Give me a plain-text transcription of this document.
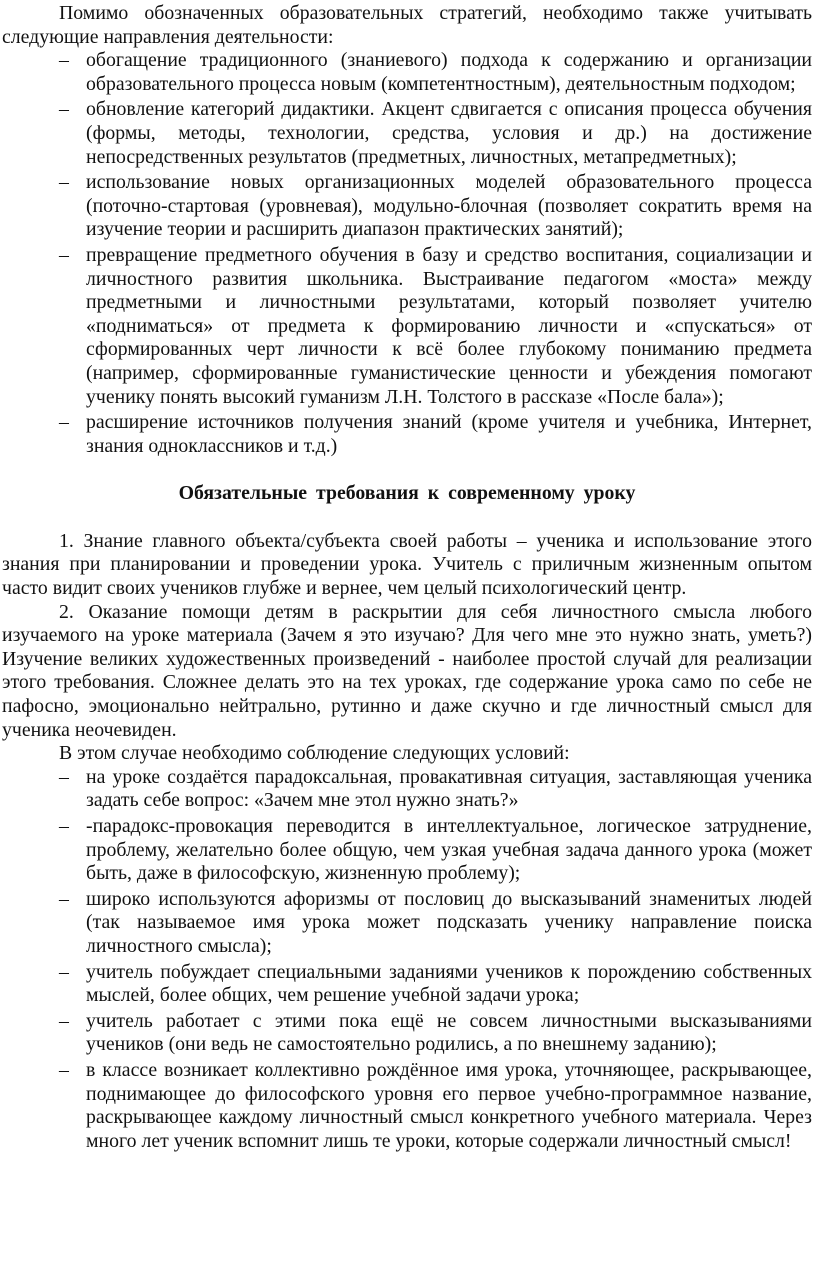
Помимо обозначенных образовательных стратегий, необходимо также учитывать следующие направления деятельности:

– обогащение традиционного (знаниевого) подхода к содержанию и организации образовательного процесса новым (компетентностным), деятельностным подходом;
– обновление категорий дидактики. Акцент сдвигается с описания процесса обучения (формы, методы, технологии, средства, условия и др.) на достижение непосредственных результатов (предметных, личностных, метапредметных);
– использование новых организационных моделей образовательного процесса (поточно-стартовая (уровневая), модульно-блочная (позволяет сократить время на изучение теории и расширить диапазон практических занятий);
– превращение предметного обучения в базу и средство воспитания, социализации и личностного развития школьника. Выстраивание педагогом «моста» между предметными и личностными результатами, который позволяет учителю «подниматься» от предмета к формированию личности и «спускаться» от сформированных черт личности к всё более глубокому пониманию предмета (например, сформированные гуманистические ценности и убеждения помогают ученику понять высокий гуманизм Л.Н. Толстого в рассказе «После бала»);
– расширение источников получения знаний (кроме учителя и учебника, Интернет, знания одноклассников и т.д.)
Обязательные требования к современному уроку

1. Знание главного объекта/субъекта своей работы – ученика и использование этого знания при планировании и проведении урока. Учитель с приличным жизненным опытом часто видит своих учеников глубже и вернее, чем целый психологический центр.

2. Оказание помощи детям в раскрытии для себя личностного смысла любого изучаемого на уроке материала (Зачем я это изучаю? Для чего мне это нужно знать, уметь?) Изучение великих художественных произведений - наиболее простой случай для реализации этого требования. Сложнее делать это на тех уроках, где содержание урока само по себе не пафосно, эмоционально нейтрально, рутинно и даже скучно и где личностный смысл для ученика неочевиден.

В этом случае необходимо соблюдение следующих условий:

– на уроке создаётся парадоксальная, провакативная ситуация, заставляющая ученика задать себе вопрос: «Зачем мне этол нужно знать?»
– -парадокс-провокация переводится в интеллектуальное, логическое затруднение, проблему, желательно более общую, чем узкая учебная задача данного урока (может быть, даже в философскую, жизненную проблему);
– широко используются афоризмы от пословиц до высказываний знаменитых людей (так называемое имя урока может подсказать ученику направление поиска личностного смысла);
– учитель побуждает специальными заданиями учеников к порождению собственных мыслей, более общих, чем решение учебной задачи урока;
– учитель работает с этими пока ещё не совсем личностными высказываниями учеников (они ведь не самостоятельно родились, а по внешнему заданию);
– в классе возникает коллективно рождённое имя урока, уточняющее, раскрывающее, поднимающее до философского уровня его первое учебно-программное название, раскрывающее каждому личностный смысл конкретного учебного материала. Через много лет ученик вспомнит лишь те уроки, которые содержали личностный смысл!
